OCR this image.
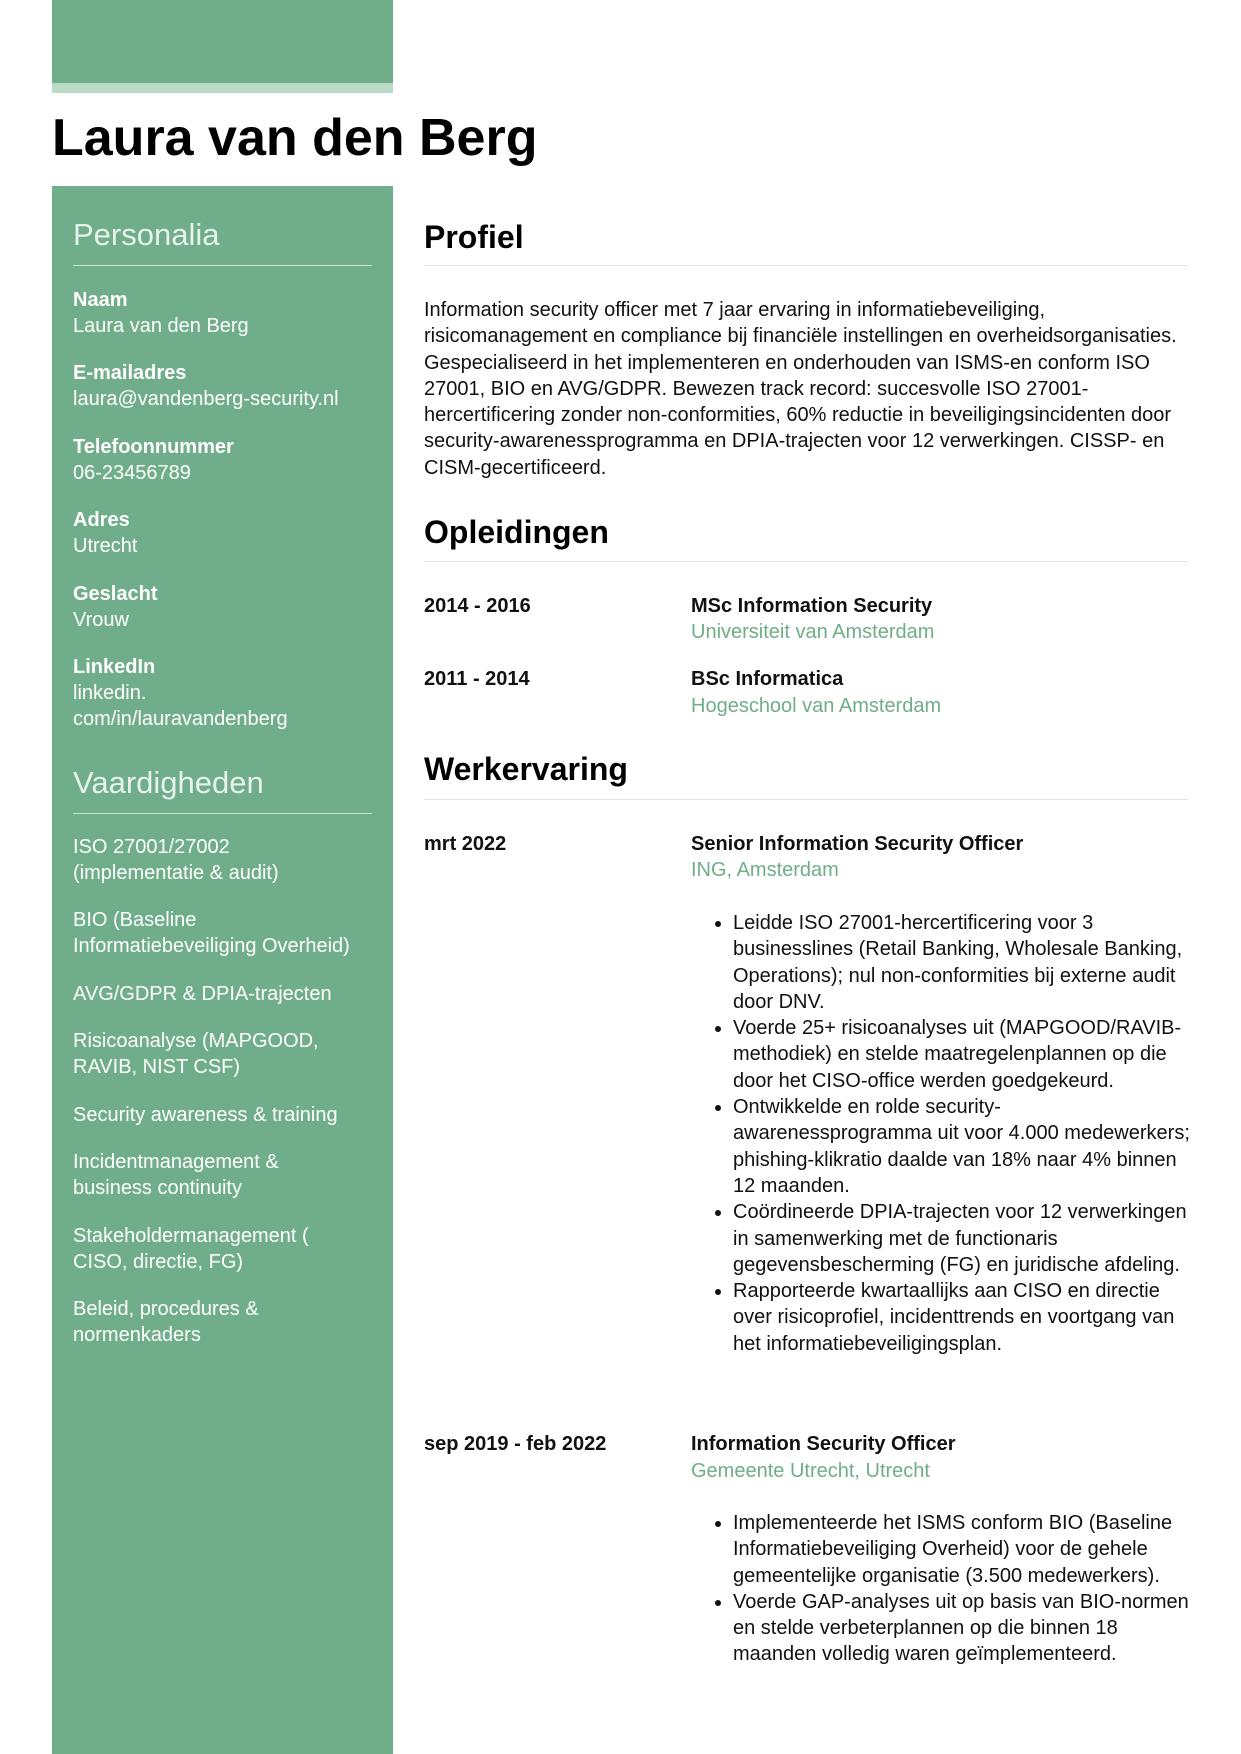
Laura van den Berg
Personalia
Naam
Laura van den Berg
E-mailadres
laura@vandenberg-security.nl
Telefoonnummer
06-23456789
Adres
Utrecht
Geslacht
Vrouw
LinkedIn
linkedin.
com/in/lauravandenberg
Vaardigheden
ISO 27001/27002
(implementatie & audit)
BIO (Baseline
Informatiebeveiliging Overheid)
AVG/GDPR & DPIA-trajecten
Risicoanalyse (MAPGOOD,
RAVIB, NIST CSF)
Security awareness & training
Incidentmanagement &
business continuity
Stakeholdermanagement (
CISO, directie, FG)
Beleid, procedures &
normenkaders
Profiel

Information security officer met 7 jaar ervaring in informatiebeveiliging, risicomanagement en compliance bij financiële instellingen en overheidsorganisaties. Gespecialiseerd in het implementeren en onderhouden van ISMS-en conform ISO 27001, BIO en AVG/GDPR. Bewezen track record: succesvolle ISO 27001-hercertificering zonder non-conformities, 60% reductie in beveiligingsincidenten door security-awarenessprogramma en DPIA-trajecten voor 12 verwerkingen. CISSP- en CISM-gecertificeerd.

Opleidingen
2014 - 2016	MSc Information Security
Universiteit van Amsterdam
2011 - 2014	BSc Informatica
Hogeschool van Amsterdam
Werkervaring
mrt 2022	Senior Information Security Officer
ING, Amsterdam
• Leidde ISO 27001-hercertificering voor 3 businesslines (Retail Banking, Wholesale Banking, Operations); nul non-conformities bij externe audit door DNV.
• Voerde 25+ risicoanalyses uit (MAPGOOD/RAVIB-methodiek) en stelde maatregelenplannen op die door het CISO-office werden goedgekeurd.
• Ontwikkelde en rolde security-awarenessprogramma uit voor 4.000 medewerkers; phishing-klikratio daalde van 18% naar 4% binnen 12 maanden.
• Coördineerde DPIA-trajecten voor 12 verwerkingen in samenwerking met de functionaris gegevensbescherming (FG) en juridische afdeling.
• Rapporteerde kwartaallijks aan CISO en directie over risicoprofiel, incidenttrends en voortgang van het informatiebeveiligingsplan.
sep 2019 - feb 2022	Information Security Officer
Gemeente Utrecht, Utrecht
• Implementeerde het ISMS conform BIO (Baseline Informatiebeveiliging Overheid) voor de gehele gemeentelijke organisatie (3.500 medewerkers).
• Voerde GAP-analyses uit op basis van BIO-normen en stelde verbeterplannen op die binnen 18 maanden volledig waren geïmplementeerd.
